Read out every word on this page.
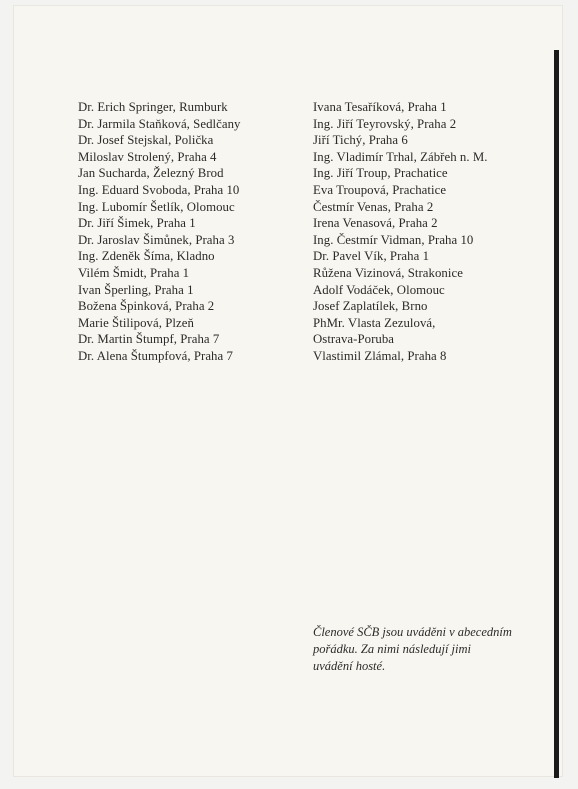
Dr. Erich Springer, Rumburk
Dr. Jarmila Staňková, Sedlčany
Dr. Josef Stejskal, Polička
Miloslav Strolený, Praha 4
Jan Sucharda, Železný Brod
Ing. Eduard Svoboda, Praha 10
Ing. Lubomír Šetlík, Olomouc
Dr. Jiří Šimek, Praha 1
Dr. Jaroslav Šimůnek, Praha 3
Ing. Zdeněk Šíma, Kladno
Vilém Šmidt, Praha 1
Ivan Šperling, Praha 1
Božena Špinková, Praha 2
Marie Štilipová, Plzeň
Dr. Martin Štumpf, Praha 7
Dr. Alena Štumpfová, Praha 7
Ivana Tesaříková, Praha 1
Ing. Jiří Teyrovský, Praha 2
Jiří Tichý, Praha 6
Ing. Vladimír Trhal, Zábřeh n. M.
Ing. Jiří Troup, Prachatice
Eva Troupová, Prachatice
Čestmír Venas, Praha 2
Irena Venasová, Praha 2
Ing. Čestmír Vidman, Praha 10
Dr. Pavel Vík, Praha 1
Růžena Vizinová, Strakonice
Adolf Vodáček, Olomouc
Josef Zaplatílek, Brno
PhMr. Vlasta Zezulová,
Ostrava-Poruba
Vlastimil Zlámal, Praha 8

Členové SČB jsou uváděni v abecedním
pořádku. Za nimi následují jimi
uvádění hosté.
